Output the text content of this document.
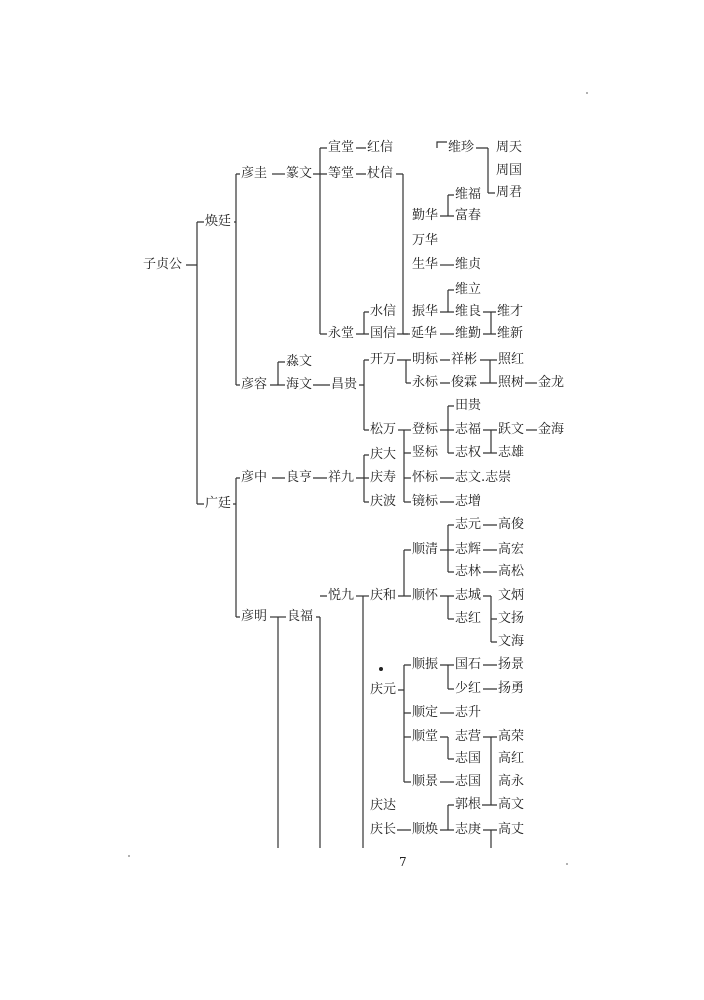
子贞公
焕廷
广廷
彦圭
彦容
彦中
彦明
篆文
淼文
海文
良亨
良福
宣堂
等堂
永堂
昌贵
祥九
悦九
红信
杖信
水信
国信
开万
松万
庆大
庆寿
庆波
庆和
庆元
庆达
庆长
勤华
万华
生华
振华
延华
明标
永标
登标
竖标
怀标
镜标
顺清
顺怀
顺振
顺定
顺堂
顺景
顺焕
维珍
维福
富春
维贞
维立
维良
维勤
祥彬
俊霖
田贵
志福
志权
志文.志崇
志增
志元
志辉
志林
志城
志红
国石
少红
志升
志营
志国
志国
郭根
志庚
周天
周国
周君
维才
维新
照红
照树
跃文
志雄
高俊
高宏
高松
文炳
文扬
文海
扬景
扬勇
高荣
高红
高永
高文
高丈
金龙
金海
7
